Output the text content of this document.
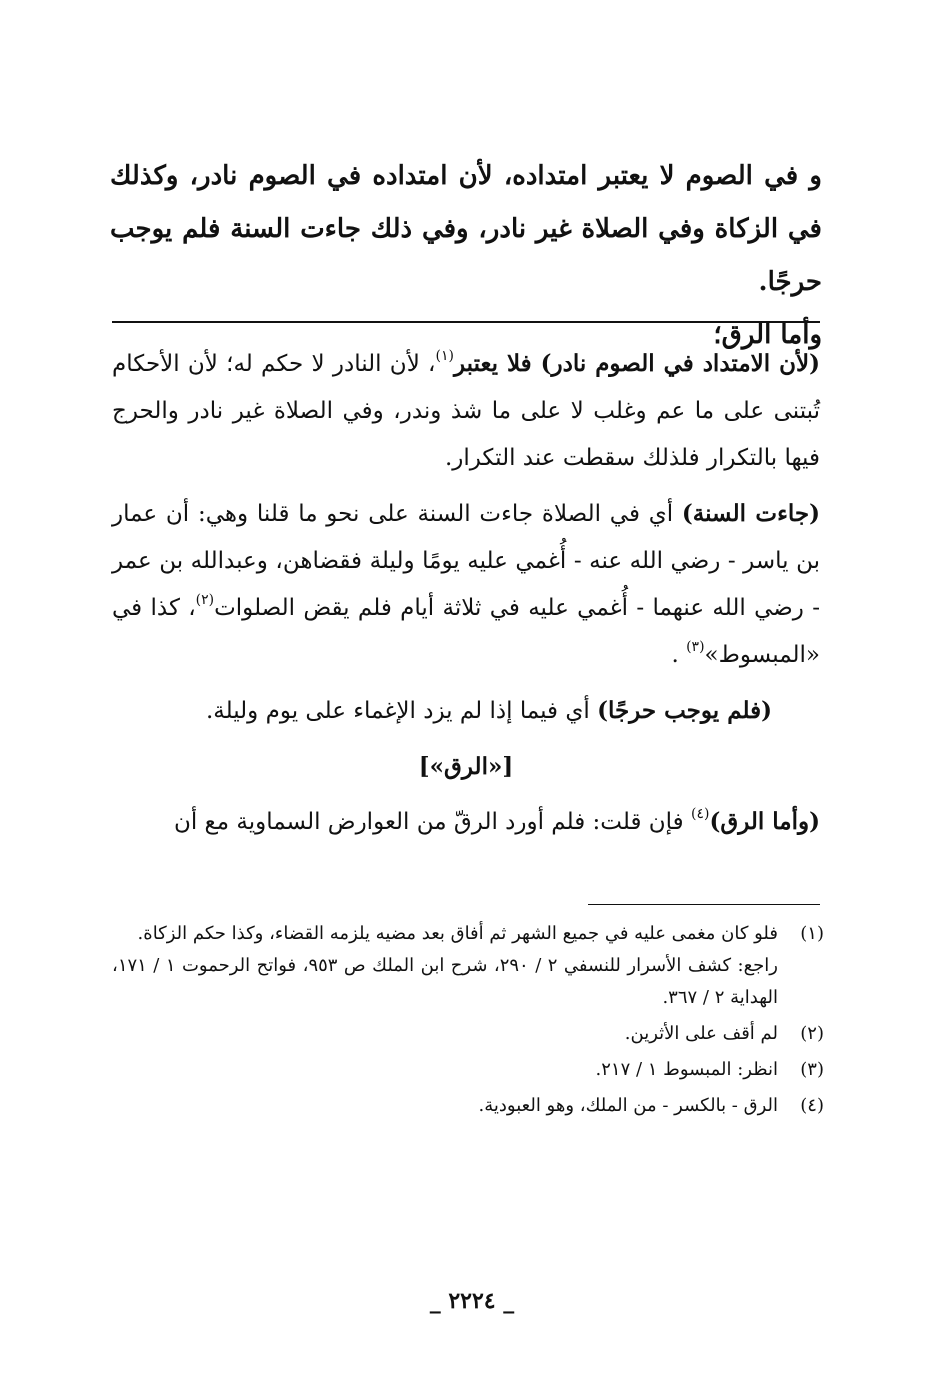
و في الصوم لا يعتبر امتداده، لأن امتداده في الصوم نادر، وكذلك في الزكاة وفي الصلاة غير نادر، وفي ذلك جاءت السنة فلم يوجب حرجًا.

وأما الرق؛

(لأن الامتداد في الصوم نادر) فلا يعتبر$^{(١)}$، لأن النادر لا حكم له؛ لأن الأحكام تُبتنى على ما عم وغلب لا على ما شذ وندر، وفي الصلاة غير نادر والحرج فيها بالتكرار فلذلك سقطت عند التكرار.

(جاءت السنة) أي في الصلاة جاءت السنة على نحو ما قلنا وهي: أن عمار بن ياسر - رضي الله عنه - أُغمي عليه يومًا وليلة فقضاهن، وعبدالله بن عمر - رضي الله عنهما - أُغمي عليه في ثلاثة أيام فلم يقض الصلوات$^{(٢)}$، كذا في «المبسوط»$^{(٣)}$ .

(فلم يوجب حرجًا) أي فيما إذا لم يزد الإغماء على يوم وليلة.

[«الرق»]

(وأما الرق)$^{(٤)}$ فإن قلت: فلم أورد الرقّ من العوارض السماوية مع أن

(١)
فلو كان مغمى عليه في جميع الشهر ثم أفاق بعد مضيه يلزمه القضاء، وكذا حكم الزكاة.
راجع: كشف الأسرار للنسفي ٢ / ٢٩٠، شرح ابن الملك ص ٩٥٣، فواتح الرحموت ١ / ١٧١، الهداية ٢ / ٣٦٧.
(٢)
لم أقف على الأثرين.
(٣)
انظر: المبسوط ١ / ٢١٧.
(٤)
الرق - بالكسر - من الملك، وهو العبودية.
_ ٢٢٢٤ _
